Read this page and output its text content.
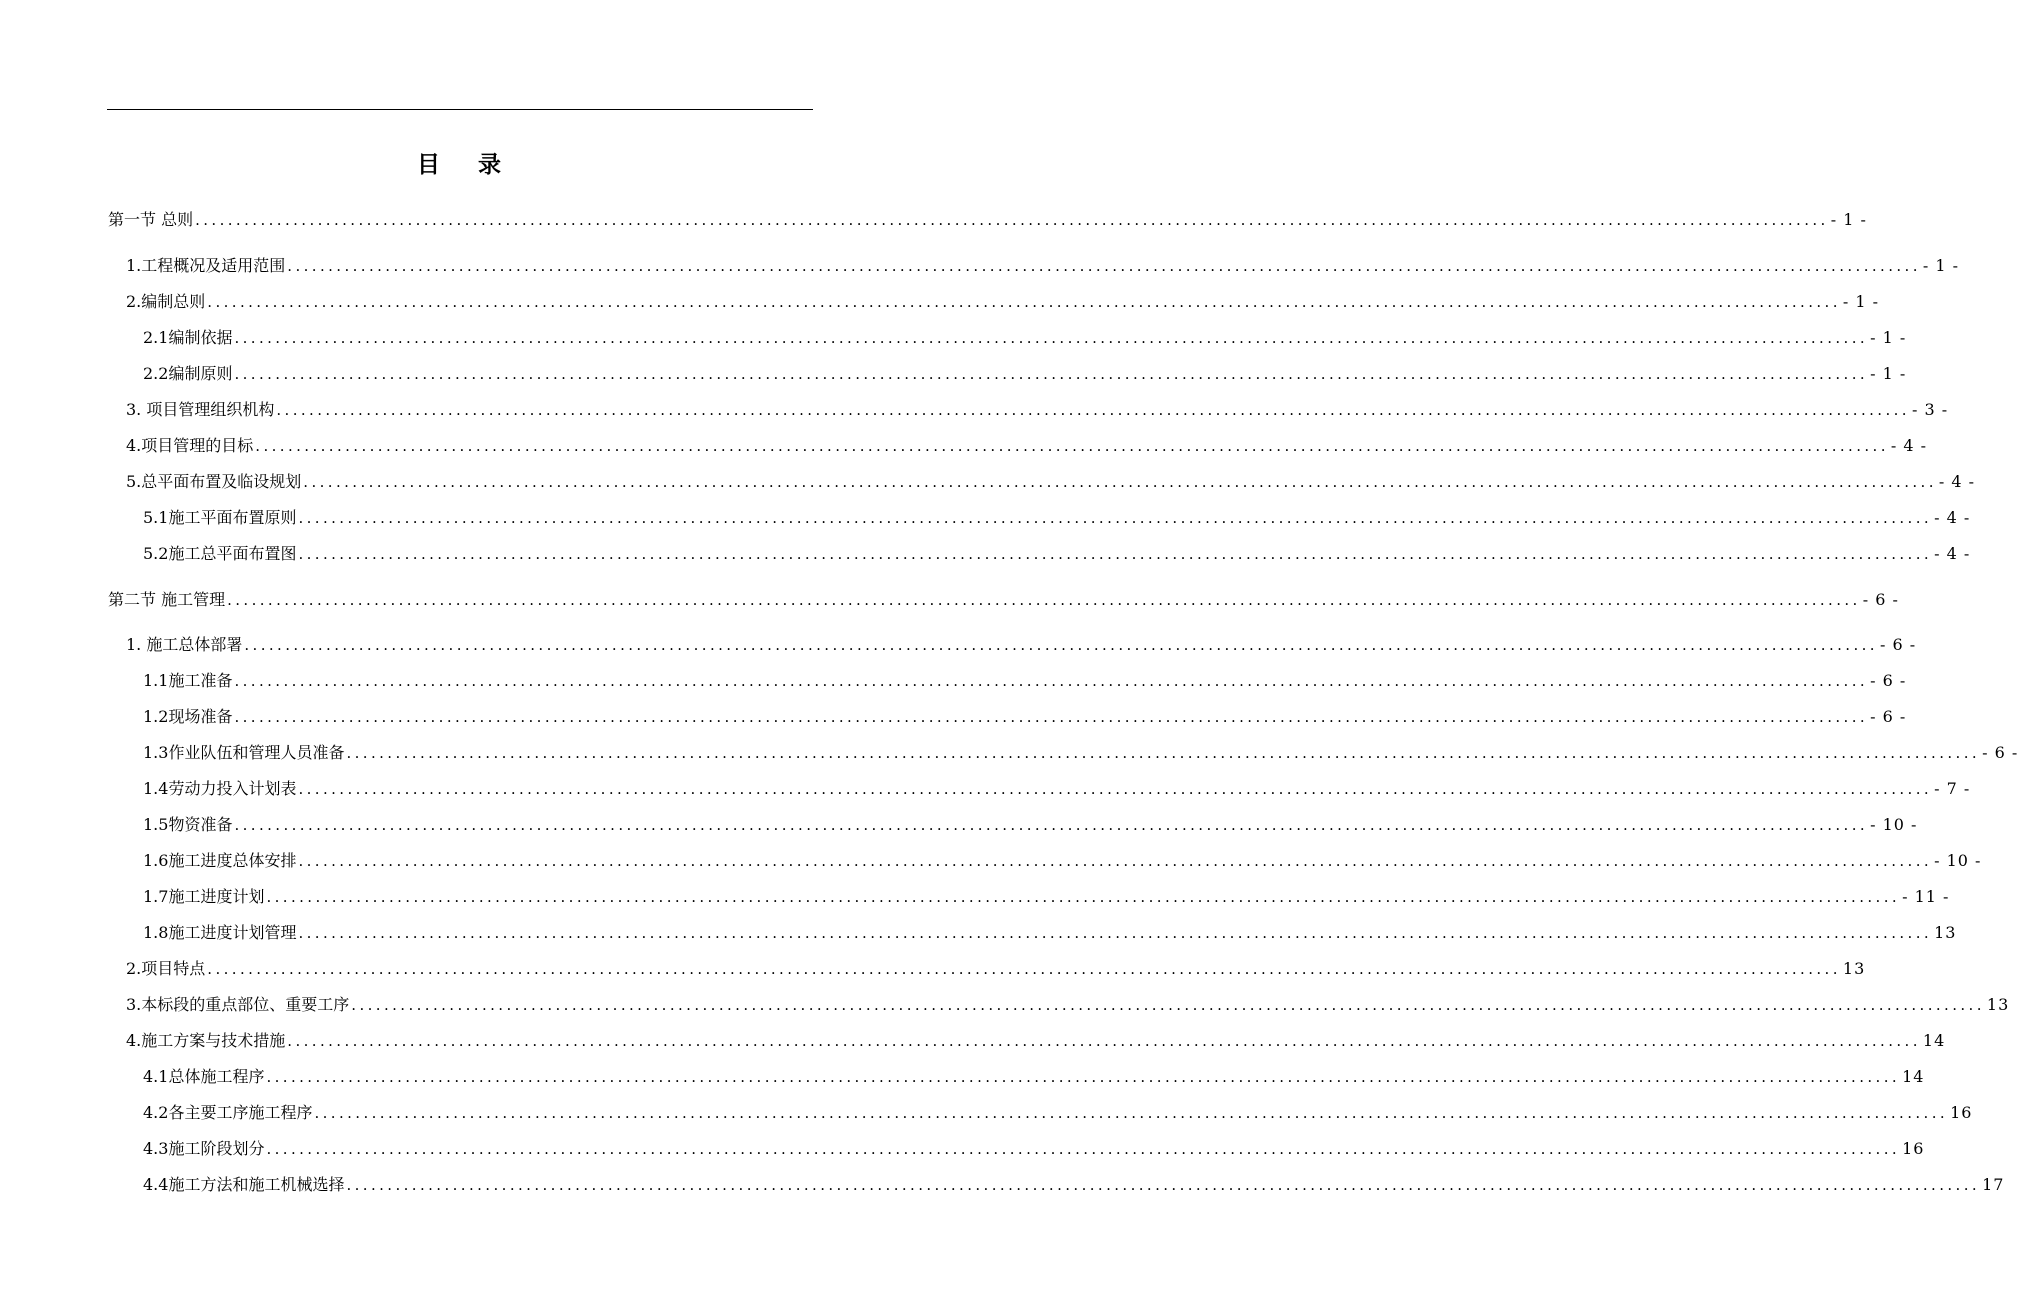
目 录
第一节 总则 ........................................................................................................................................................................................................ - 1 -
1.工程概况及适用范围 ........................................................................................................................................................................................................ - 1 -
2.编制总则 ........................................................................................................................................................................................................ - 1 -
2.1编制依据 ........................................................................................................................................................................................................ - 1 -
2.2编制原则 ........................................................................................................................................................................................................ - 1 -
3. 项目管理组织机构 ........................................................................................................................................................................................................ - 3 -
4.项目管理的目标 ........................................................................................................................................................................................................ - 4 -
5.总平面布置及临设规划 ........................................................................................................................................................................................................ - 4 -
5.1施工平面布置原则 ........................................................................................................................................................................................................ - 4 -
5.2施工总平面布置图 ........................................................................................................................................................................................................ - 4 -
第二节 施工管理 ........................................................................................................................................................................................................ - 6 -
1. 施工总体部署 ........................................................................................................................................................................................................ - 6 -
1.1施工准备 ........................................................................................................................................................................................................ - 6 -
1.2现场准备 ........................................................................................................................................................................................................ - 6 -
1.3作业队伍和管理人员准备 ........................................................................................................................................................................................................ - 6 -
1.4劳动力投入计划表 ........................................................................................................................................................................................................ - 7 -
1.5物资准备 ........................................................................................................................................................................................................ - 10 -
1.6施工进度总体安排 ........................................................................................................................................................................................................ - 10 -
1.7施工进度计划 ........................................................................................................................................................................................................ - 11 -
1.8施工进度计划管理 ........................................................................................................................................................................................................ 13
2.项目特点 ........................................................................................................................................................................................................ 13
3.本标段的重点部位、重要工序 ........................................................................................................................................................................................................ 13
4.施工方案与技术措施 ........................................................................................................................................................................................................ 14
4.1总体施工程序 ........................................................................................................................................................................................................ 14
4.2各主要工序施工程序 ........................................................................................................................................................................................................ 16
4.3施工阶段划分 ........................................................................................................................................................................................................ 16
4.4施工方法和施工机械选择 ........................................................................................................................................................................................................ 17
